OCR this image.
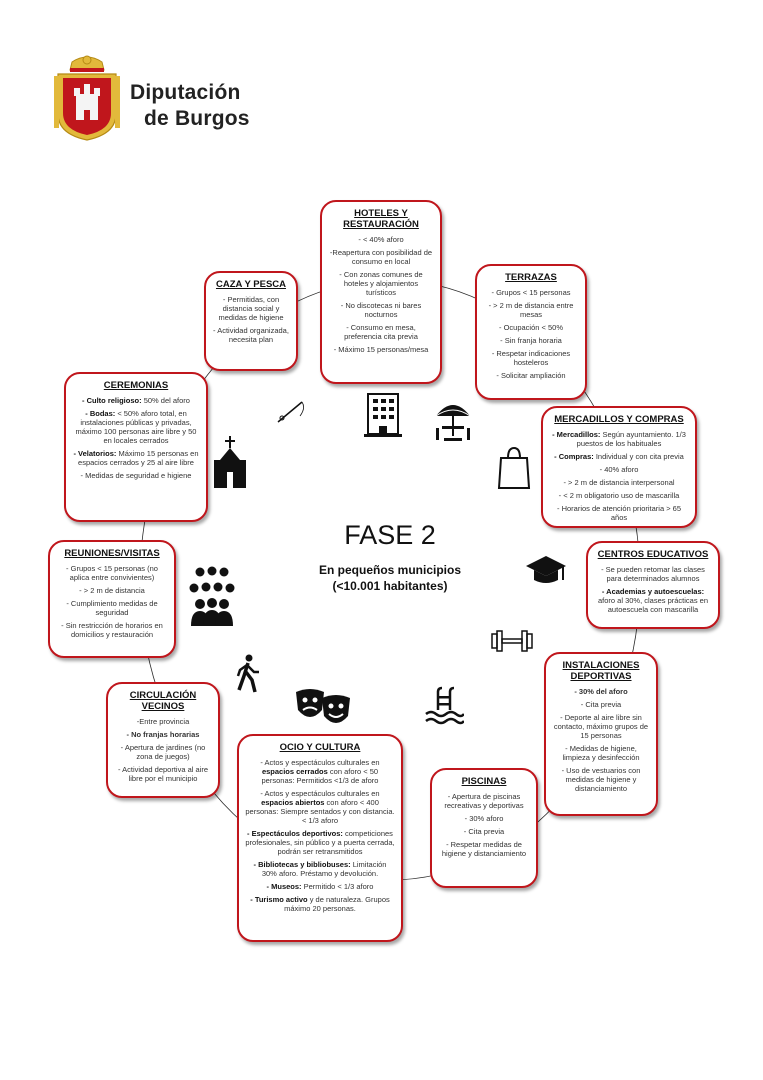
Diputación
de Burgos
HOTELES Y
RESTAURACIÓN
- < 40% aforo
-Reapertura con posibilidad de consumo en local
- Con zonas comunes de hoteles y alojamientos turísticos
- No discotecas ni bares nocturnos
- Consumo en mesa, preferencia cita previa
- Máximo 15 personas/mesa
CAZA Y PESCA
- Permitidas, con distancia social y medidas de higiene
- Actividad organizada, necesita plan
TERRAZAS
- Grupos < 15 personas
- > 2 m de distancia entre mesas
- Ocupación < 50%
- Sin franja horaria
- Respetar indicaciones hosteleros
- Solicitar ampliación
CEREMONIAS
- Culto religioso: 50% del aforo
- Bodas: < 50% aforo total, en instalaciones públicas y privadas, máximo 100 personas aire libre y 50 en locales cerrados
- Velatorios: Máximo 15 personas en espacios cerrados y 25 al aire libre
- Medidas de seguridad e higiene
MERCADILLOS Y COMPRAS
- Mercadillos: Según ayuntamiento. 1/3 puestos de los habituales
- Compras: Individual y con cita previa
- 40% aforo
- > 2 m de distancia interpersonal
- < 2 m obligatorio uso de mascarilla
- Horarios de atención prioritaria > 65 años
REUNIONES/VISITAS
- Grupos < 15 personas (no aplica entre convivientes)
- > 2 m de distancia
- Cumplimiento medidas de seguridad
- Sin restricción de horarios en domicilios y restauración
CENTROS EDUCATIVOS
- Se pueden retomar las clases para determinados alumnos
- Academias y autoescuelas: aforo al 30%, clases prácticas en autoescuela con mascarilla
CIRCULACIÓN
VECINOS
-Entre provincia
- No franjas horarias
- Apertura de jardines (no zona de juegos)
- Actividad deportiva al aire libre por el municipio
INSTALACIONES
DEPORTIVAS
- 30% del aforo
- Cita previa
- Deporte al aire libre sin contacto, máximo grupos de 15 personas
- Medidas de higiene, limpieza y desinfección
- Uso de vestuarios con medidas de higiene y distanciamiento
OCIO Y CULTURA
- Actos y espectáculos culturales en espacios cerrados con aforo < 50 personas: Permitidos <1/3 de aforo
- Actos y espectáculos culturales en espacios abiertos con aforo < 400 personas: Siempre sentados y con distancia. < 1/3 aforo
- Espectáculos deportivos: competiciones profesionales, sin público y a puerta cerrada, podrán ser retransmitidos
- Bibliotecas y bibliobuses: Limitación 30% aforo. Préstamo y devolución.
- Museos: Permitido < 1/3 aforo
- Turismo activo y de naturaleza. Grupos máximo 20 personas.
PISCINAS
- Apertura de piscinas recreativas y deportivas
- 30% aforo
- Cita previa
- Respetar medidas de higiene y distanciamiento
FASE 2
En pequeños municipios
(<10.001 habitantes)
